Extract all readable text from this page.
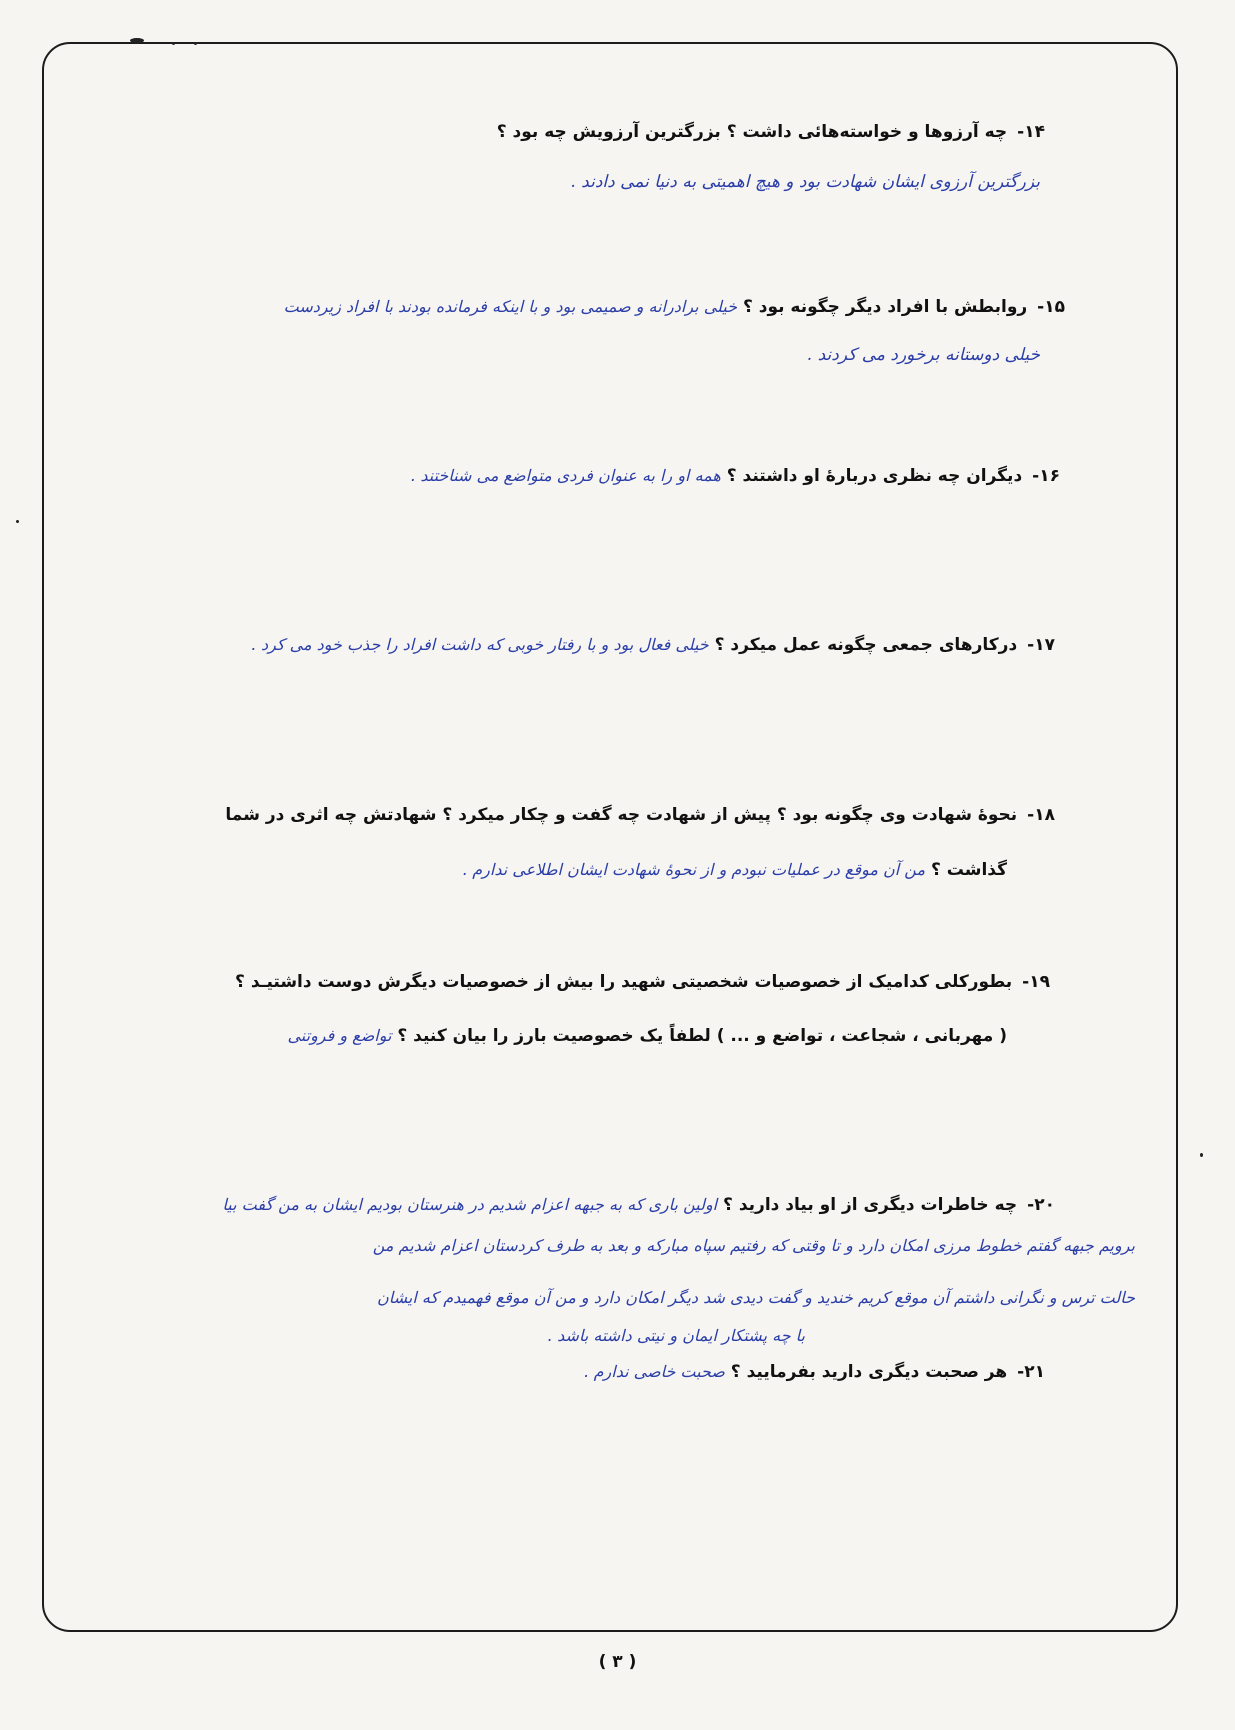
۱۴-چه آرزوها و خواسته‌هائی داشت ؟ بزرگترین آرزویش چه بود ؟
بزرگترین آرزوی ایشان شهادت بود و هیچ اهمیتی به دنیا نمی دادند .
۱۵-روابطش با افراد دیگر چگونه بود ؟ خیلی برادرانه و صمیمی بود و با اینکه فرمانده بودند با افراد زیردست
خیلی دوستانه برخورد می کردند .
۱۶-دیگران چه نظری دربارهٔ او داشتند ؟ همه او را به عنوان فردی متواضع می شناختند .
۱۷-درکارهای جمعی چگونه عمل میکرد ؟ خیلی فعال بود و با رفتار خوبی که داشت افراد را جذب خود می کرد .
۱۸-نحوهٔ شهادت وی چگونه بود ؟ پیش از شهادت چه گفت و چکار میکرد ؟ شهادتش چه اثری در شما
گذاشت ؟ من آن موقع در عملیات نبودم و از نحوهٔ شهادت ایشان اطلاعی ندارم .
۱۹-بطورکلی کدامیک از خصوصیات شخصیتی شهید را بیش از خصوصیات دیگرش دوست داشتیـد ؟
( مهربانی ، شجاعت ، تواضع و ... ) لطفاً یک خصوصیت بارز را بیان کنید ؟ تواضع و فروتنی
۲۰-چه خاطرات دیگری از او بیاد دارید ؟ اولین باری که به جبهه اعزام شدیم در هنرستان بودیم ایشان به من گفت بیا
برویم جبهه گفتم خطوط مرزی امکان دارد و تا وقتی که رفتیم سپاه مبارکه و بعد به طرف کردستان اعزام شدیم من
حالت ترس و نگرانی داشتم آن موقع کریم خندید و گفت دیدی شد دیگر امکان دارد و من آن موقع فهمیدم که ایشان
با چه پشتکار ایمان و نیتی داشته باشد .
۲۱-هر صحبت دیگری دارید بفرمایید ؟ صحبت خاصی ندارم .
( ۳ )
